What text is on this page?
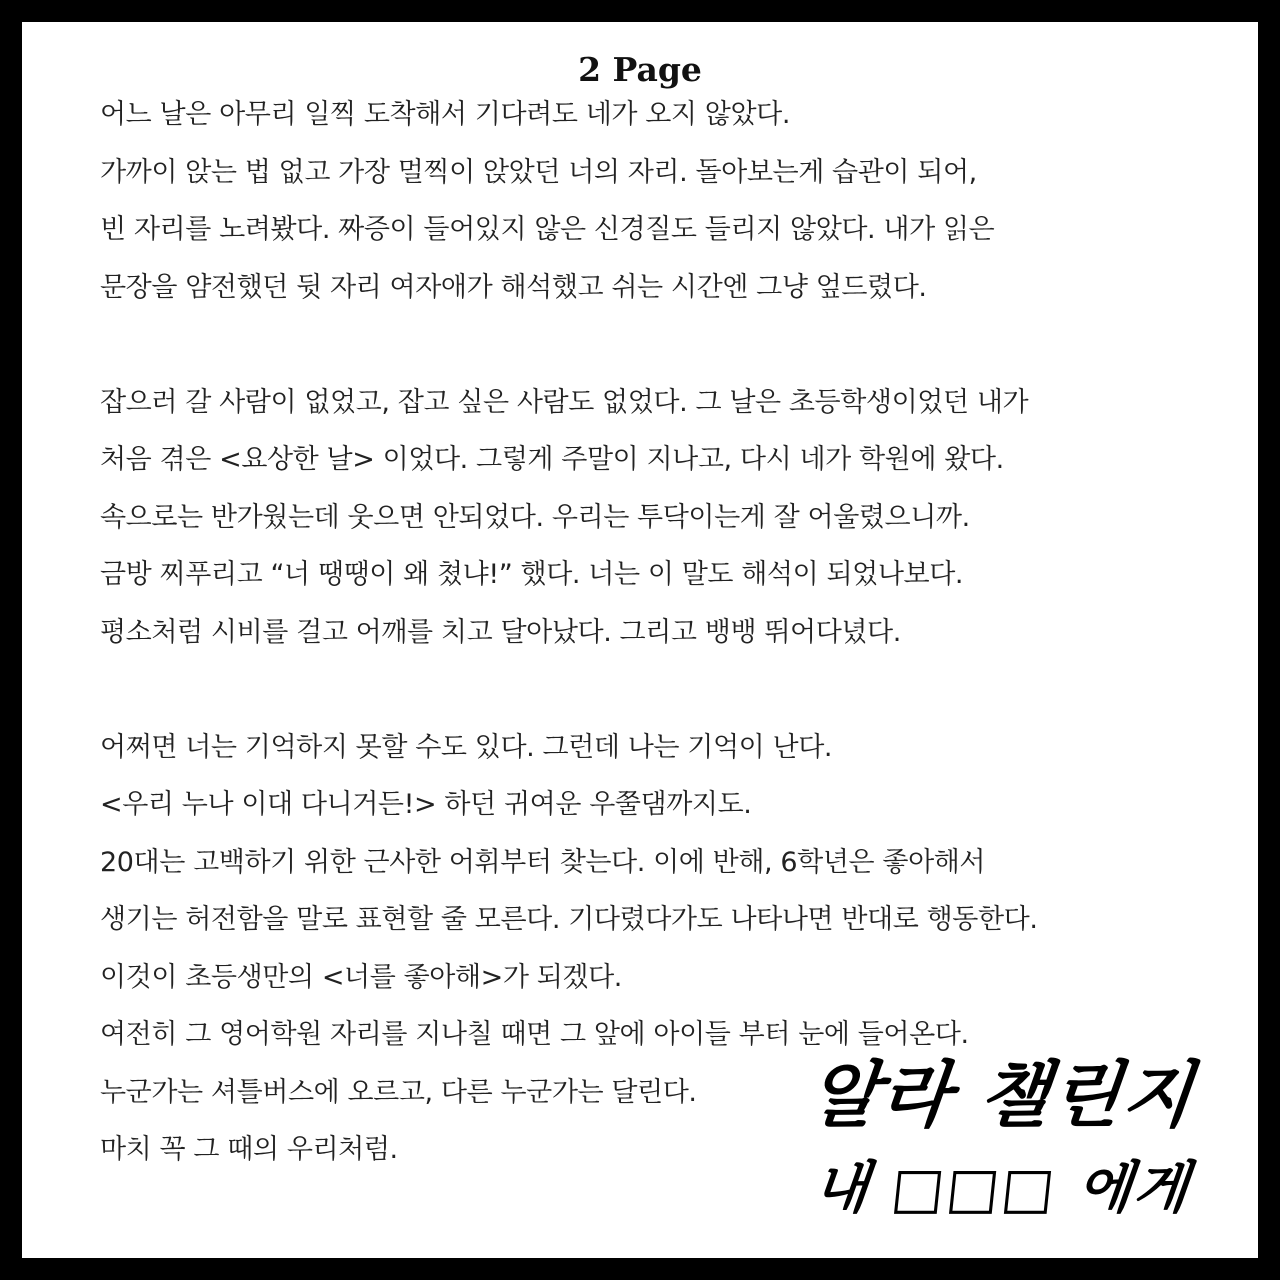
2 Page

어느 날은 아무리 일찍 도착해서 기다려도 네가 오지 않았다.
가까이 앉는 법 없고 가장 멀찍이 앉았던 너의 자리. 돌아보는게 습관이 되어,
빈 자리를 노려봤다. 짜증이 들어있지 않은 신경질도 들리지 않았다. 내가 읽은
문장을 얌전했던 뒷 자리 여자애가 해석했고 쉬는 시간엔 그냥 엎드렸다.

잡으러 갈 사람이 없었고, 잡고 싶은 사람도 없었다. 그 날은 초등학생이었던 내가
처음 겪은 <요상한 날> 이었다. 그렇게 주말이 지나고, 다시 네가 학원에 왔다.
속으로는 반가웠는데 웃으면 안되었다. 우리는 투닥이는게 잘 어울렸으니까.
금방 찌푸리고 “너 땡땡이 왜 쳤냐!” 했다. 너는 이 말도 해석이 되었나보다.
평소처럼 시비를 걸고 어깨를 치고 달아났다. 그리고 뱅뱅 뛰어다녔다.

어쩌면 너는 기억하지 못할 수도 있다. 그런데 나는 기억이 난다.
<우리 누나 이대 다니거든!> 하던 귀여운 우쭐댐까지도.
20대는 고백하기 위한 근사한 어휘부터 찾는다. 이에 반해, 6학년은 좋아해서
생기는 허전함을 말로 표현할 줄 모른다. 기다렸다가도 나타나면 반대로 행동한다.
이것이 초등생만의 <너를 좋아해>가 되겠다.
여전히 그 영어학원 자리를 지나칠 때면 그 앞에 아이들 부터 눈에 들어온다.
누군가는 셔틀버스에 오르고, 다른 누군가는 달린다.
마치 꼭 그 때의 우리처럼.

알라 챌린지
내 □□□ 에게
